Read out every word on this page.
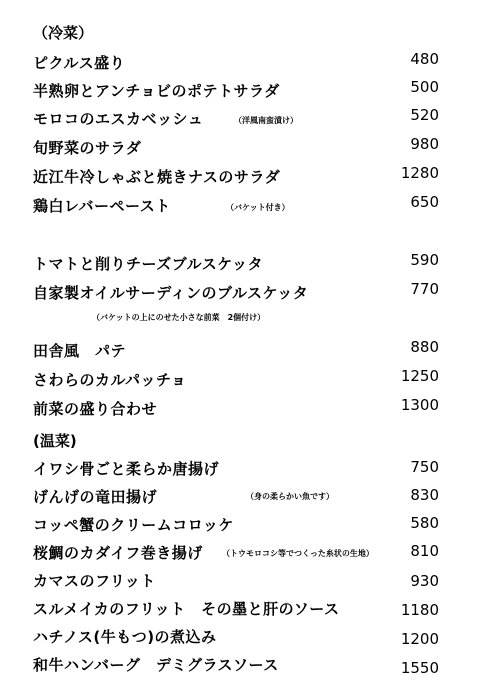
（冷菜）
ピクルス盛り	480
半熟卵とアンチョビのポテトサラダ	500
モロコのエスカベッシュ	（洋風南蛮漬け）	520
旬野菜のサラダ	980
近江牛冷しゃぶと焼きナスのサラダ	1280
鶏白レバーペースト	（バケット付き）	650
トマトと削りチーズブルスケッタ	590
自家製オイルサーディンのブルスケッタ	770
（バケットの上にのせた小さな前菜　2個付け）
田舎風　パテ	880
さわらのカルパッチョ	1250
前菜の盛り合わせ	1300
(温菜)
イワシ骨ごと柔らか唐揚げ	750
げんげの竜田揚げ	（身の柔らかい魚です）	830
コッペ蟹のクリームコロッケ	580
桜鯛のカダイフ巻き揚げ （トウモロコシ等でつくった糸状の生地）	810
カマスのフリット	930
スルメイカのフリット　その墨と肝のソース	1180
ハチノス(牛もつ)の煮込み	1200
和牛ハンバーグ　デミグラスソース	1550
